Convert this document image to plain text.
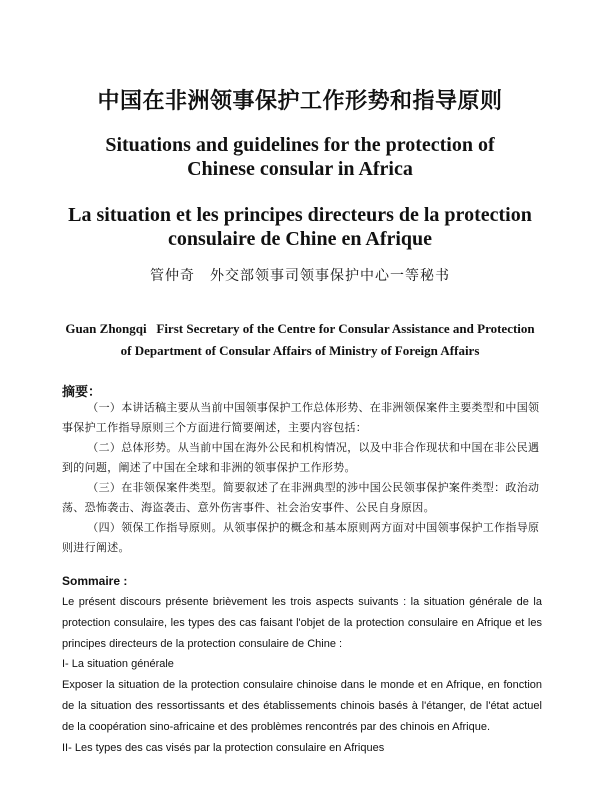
中国在非洲领事保护工作形势和指导原则
Situations and guidelines for the protection of
Chinese consular in Africa
La situation et les principes directeurs de la protection
consulaire de Chine en Afrique
管仲奇　外交部领事司领事保护中心一等秘书
Guan Zhongqi First Secretary of the Centre for Consular Assistance and Protection
of Department of Consular Affairs of Ministry of Foreign Affairs
摘要：

（一）本讲话稿主要从当前中国领事保护工作总体形势、在非洲领保案件主要类型和中国领事保护工作指导原则三个方面进行简要阐述，主要内容包括：

（二）总体形势。从当前中国在海外公民和机构情况，以及中非合作现状和中国在非公民遇到的问题，阐述了中国在全球和非洲的领事保护工作形势。

（三）在非领保案件类型。简要叙述了在非洲典型的涉中国公民领事保护案件类型：政治动荡、恐怖袭击、海盗袭击、意外伤害事件、社会治安事件、公民自身原因。

（四）领保工作指导原则。从领事保护的概念和基本原则两方面对中国领事保护工作指导原则进行阐述。

Sommaire :

Le présent discours présente brièvement les trois aspects suivants : la situation générale de la protection consulaire, les types des cas faisant l'objet de la protection consulaire en Afrique et les principes directeurs de la protection consulaire de Chine :

I- La situation générale

Exposer la situation de la protection consulaire chinoise dans le monde et en Afrique, en fonction de la situation des ressortissants et des établissements chinois basés à l'étanger, de l'état actuel de la coopération sino-africaine et des problèmes rencontrés par des chinois en Afrique.

II- Les types des cas visés par la protection consulaire en Afriques
